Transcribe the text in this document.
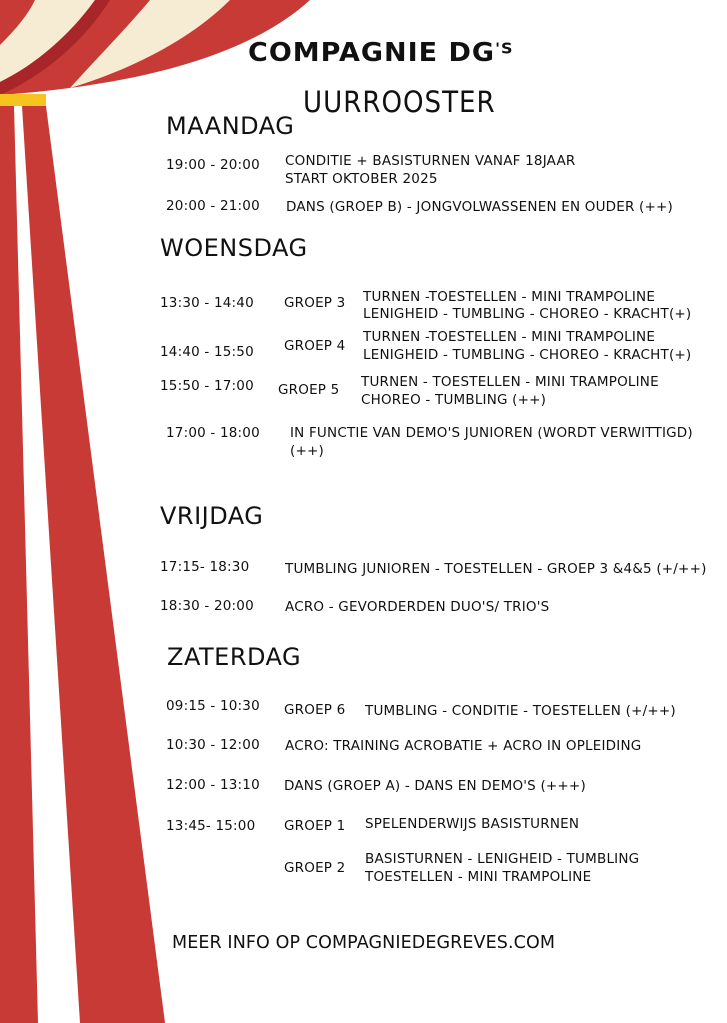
COMPAGNIE $DG^{'S}$
UURROOSTER
MAANDAG
19:00 - 20:00 CONDITIE + BASISTURNEN VANAF 18JAAR
START OKTOBER 2025
20:00 - 21:00 DANS (GROEP B) - JONGVOLWASSENEN EN OUDER (++)
WOENSDAG
13:30 - 14:40 GROEP 3 TURNEN -TOESTELLEN - MINI TRAMPOLINE
LENIGHEID - TUMBLING - CHOREO - KRACHT(+)
14:40 - 15:50 GROEP 4
TURNEN -TOESTELLEN - MINI TRAMPOLINE
LENIGHEID - TUMBLING - CHOREO - KRACHT(+)
15:50 - 17:00 GROEP 5 TURNEN - TOESTELLEN - MINI TRAMPOLINE
CHOREO - TUMBLING (++)
17:00 - 18:00 IN FUNCTIE VAN DEMO'S JUNIOREN (WORDT VERWITTIGD)
(++)
VRIJDAG
17:15- 18:30	TUMBLING JUNIOREN - TOESTELLEN - GROEP 3 &4&5 (+/++)
18:30 - 20:00 ACRO - GEVORDERDEN DUO'S/ TRIO'S
ZATERDAG
09:15 - 10:30 GROEP 6 TUMBLING - CONDITIE - TOESTELLEN (+/++)
10:30 - 12:00 ACRO: TRAINING ACROBATIE + ACRO IN OPLEIDING
12:00 - 13:10 DANS (GROEP A) - DANS EN DEMO'S (+++)
13:45- 15:00 GROEP 1 SPELENDERWIJS BASISTURNEN
GROEP 2
BASISTURNEN - LENIGHEID - TUMBLING
TOESTELLEN - MINI TRAMPOLINE
MEER INFO OP COMPAGNIEDEGREVES.COM
